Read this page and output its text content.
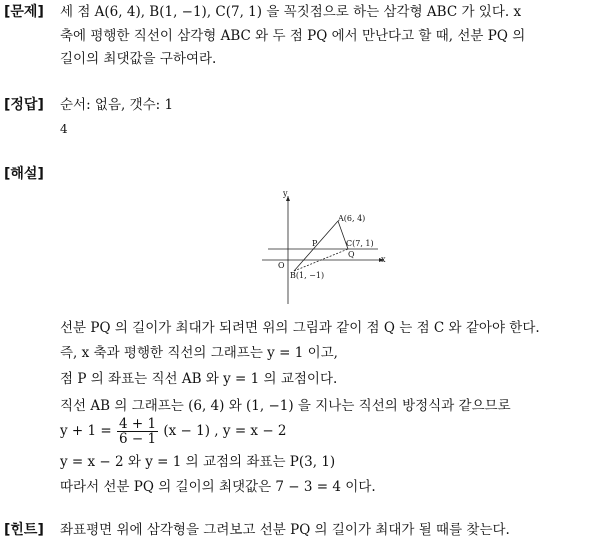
[문제] 세 점 A(6, 4), B(1, −1), C(7, 1) 을 꼭짓점으로 하는 삼각형 ABC 가 있다. x
축에 평행한 직선이 삼각형 ABC 와 두 점 PQ 에서 만난다고 할 때, 선분 PQ 의
길이의 최댓값을 구하여라.
[정답] 순서: 없음, 갯수: 1
4
[해설]
y
x
O
A(6, 4)
B(1, −1)
C(7, 1)
P
Q
선분 PQ 의 길이가 최대가 되려면 위의 그림과 같이 점 Q 는 점 C 와 같아야 한다.
즉, x 축과 평행한 직선의 그래프는 y = 1 이고,
점 P 의 좌표는 직선 AB 와 y = 1 의 교점이다.
직선 AB 의 그래프는 (6, 4) 와 (1, −1) 을 지나는 직선의 방정식과 같으므로
$y + 1 = \frac{4 + 1}{6 - 1} (x - 1)$ , y = x − 2
y = x − 2 와 y = 1 의 교점의 좌표는 P(3, 1)
따라서 선분 PQ 의 길이의 최댓값은 7 − 3 = 4 이다.
[힌트] 좌표평면 위에 삼각형을 그려보고 선분 PQ 의 길이가 최대가 될 때를 찾는다.
